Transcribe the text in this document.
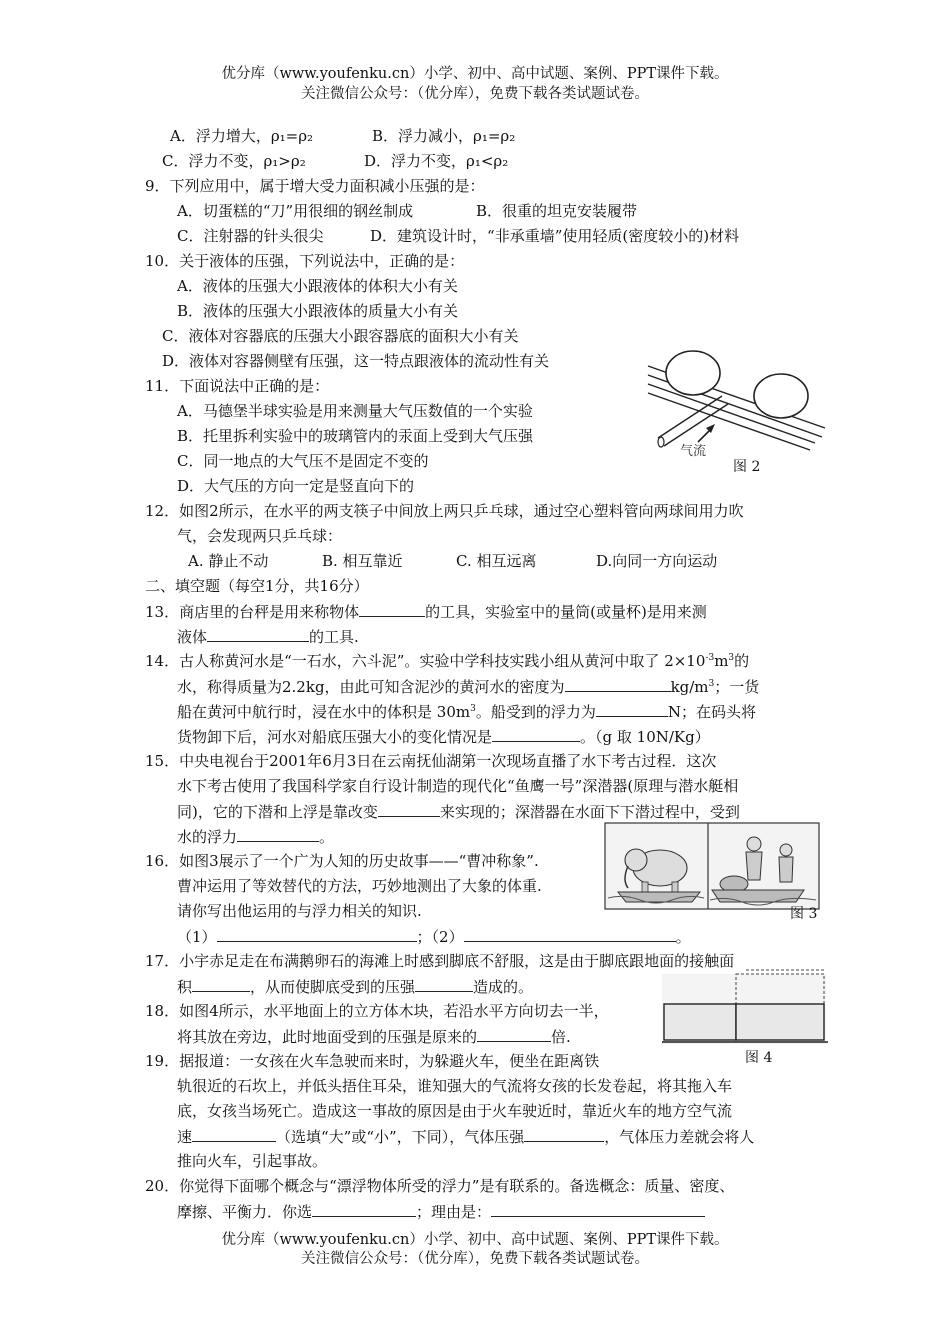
优分库（www.youfenku.cn）小学、初中、高中试题、案例、PPT课件下载。
关注微信公众号：（优分库），免费下载各类试题试卷。
A．浮力增大，ρ₁=ρ₂	B．浮力减小，ρ₁=ρ₂
C．浮力不变，ρ₁>ρ₂	D．浮力不变，ρ₁<ρ₂
9．下列应用中，属于增大受力面积减小压强的是：
A．切蛋糕的“刀”用很细的钢丝制成	B．很重的坦克安装履带
C．注射器的针头很尖	D．建筑设计时，“非承重墙”使用轻质(密度较小的)材料
10．关于液体的压强，下列说法中，正确的是：
A．液体的压强大小跟液体的体积大小有关
B．液体的压强大小跟液体的质量大小有关
C．液体对容器底的压强大小跟容器底的面积大小有关
D．液体对容器侧壁有压强，这一特点跟液体的流动性有关
气流
图 2
11．下面说法中正确的是：
A．马德堡半球实验是用来测量大气压数值的一个实验
B．托里拆利实验中的玻璃管内的汞面上受到大气压强
C．同一地点的大气压不是固定不变的
D．大气压的方向一定是竖直向下的
12．如图2所示，在水平的两支筷子中间放上两只乒乓球，通过空心塑料管向两球间用力吹
气，会发现两只乒乓球：
A. 静止不动	B. 相互靠近	C. 相互远离	D.向同一方向运动
二、填空题（每空1分，共16分）
13．商店里的台秤是用来称物体	的工具，实验室中的量筒(或量杯)是用来测
液体	的工具.
14．古人称黄河水是“一石水，六斗泥”。实验中学科技实践小组从黄河中取了 $2\times 10^{-3}m^3$的
水，称得质量为2.2kg，由此可知含泥沙的黄河水的密度为	$kg/m^3$；一货
船在黄河中航行时，浸在水中的体积是 $30m^3$。船受到的浮力为	N；在码头将
货物卸下后，河水对船底压强大小的变化情况是	。（g 取 10N/Kg）
15．中央电视台于2001年6月3日在云南抚仙湖第一次现场直播了水下考古过程．这次
水下考古使用了我国科学家自行设计制造的现代化“鱼鹰一号”深潜器(原理与潜水艇相
同)，它的下潜和上浮是靠改变	来实现的；深潜器在水面下下潜过程中，受到
水的浮力	。
图 3
16．如图3展示了一个广为人知的历史故事——“曹冲称象”.
曹冲运用了等效替代的方法，巧妙地测出了大象的体重.
请你写出他运用的与浮力相关的知识.
（1）	；（2）	。
17．小宇赤足走在布满鹅卵石的海滩上时感到脚底不舒服，这是由于脚底跟地面的接触面
积	，从而使脚底受到的压强	造成的。
图 4
18．如图4所示，水平地面上的立方体木块，若沿水平方向切去一半，
将其放在旁边，此时地面受到的压强是原来的	倍.
19．据报道：一女孩在火车急驶而来时，为躲避火车，便坐在距离铁
轨很近的石坎上，并低头捂住耳朵，谁知强大的气流将女孩的长发卷起，将其拖入车
底，女孩当场死亡。造成这一事故的原因是由于火车驶近时，靠近火车的地方空气流
速	（选填“大”或“小”，下同），气体压强	，气体压力差就会将人
推向火车，引起事故。
20．你觉得下面哪个概念与“漂浮物体所受的浮力”是有联系的。备选概念：质量、密度、
摩擦、平衡力．你选	；理由是：
优分库（www.youfenku.cn）小学、初中、高中试题、案例、PPT课件下载。
关注微信公众号：（优分库），免费下载各类试题试卷。
